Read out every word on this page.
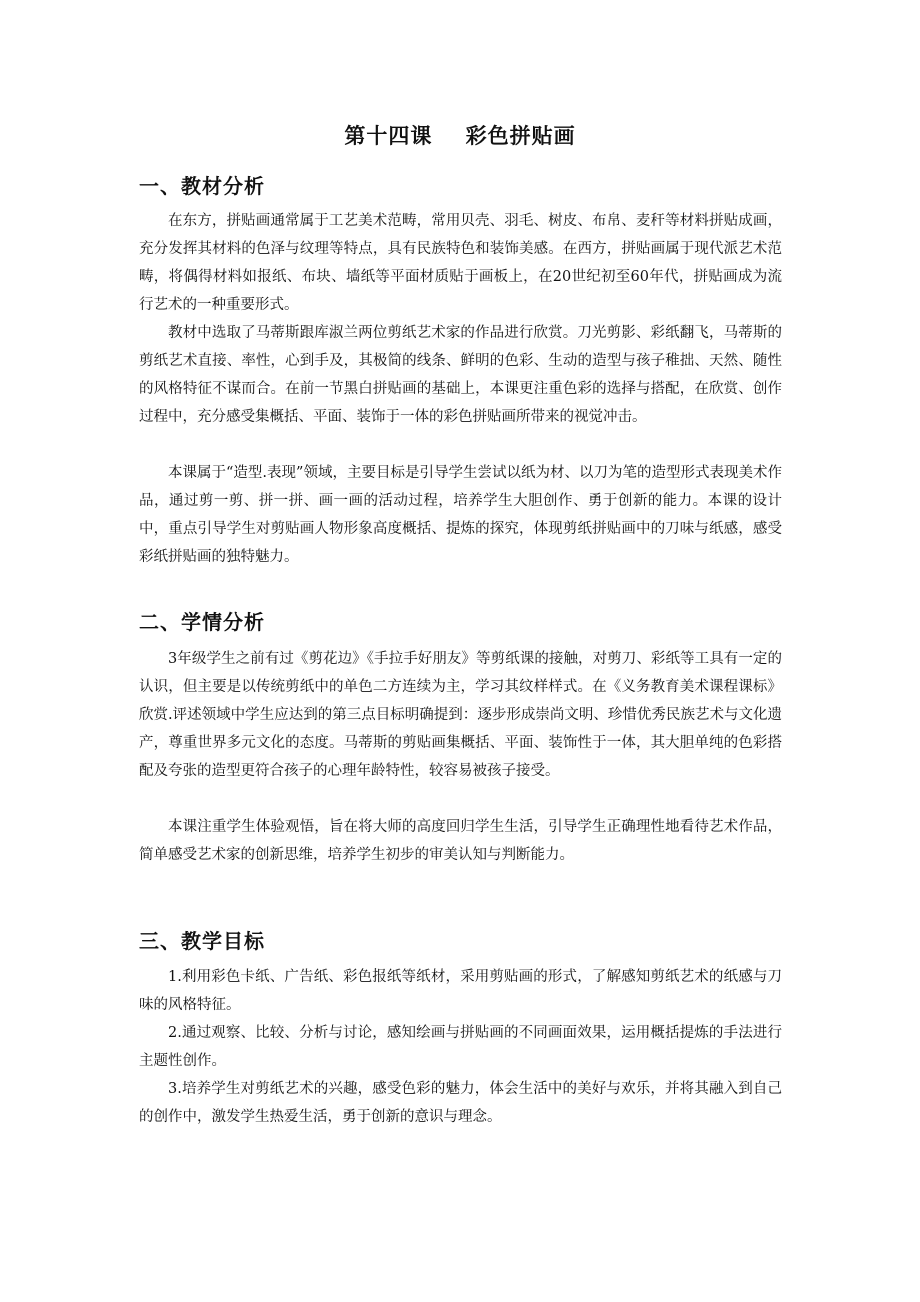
第十四课    彩色拼贴画
一、教材分析

在东方，拼贴画通常属于工艺美术范畴，常用贝壳、羽毛、树皮、布帛、麦秆等材料拼贴成画，充分发挥其材料的色泽与纹理等特点，具有民族特色和装饰美感。在西方，拼贴画属于现代派艺术范畴，将偶得材料如报纸、布块、墙纸等平面材质贴于画板上，在20世纪初至60年代，拼贴画成为流行艺术的一种重要形式。

教材中选取了马蒂斯跟库淑兰两位剪纸艺术家的作品进行欣赏。刀光剪影、彩纸翻飞，马蒂斯的剪纸艺术直接、率性，心到手及，其极简的线条、鲜明的色彩、生动的造型与孩子稚拙、天然、随性的风格特征不谋而合。在前一节黑白拼贴画的基础上，本课更注重色彩的选择与搭配，在欣赏、创作过程中，充分感受集概括、平面、装饰于一体的彩色拼贴画所带来的视觉冲击。

本课属于“造型.表现”领域，主要目标是引导学生尝试以纸为材、以刀为笔的造型形式表现美术作品，通过剪一剪、拼一拼、画一画的活动过程，培养学生大胆创作、勇于创新的能力。本课的设计中，重点引导学生对剪贴画人物形象高度概括、提炼的探究，体现剪纸拼贴画中的刀味与纸感，感受彩纸拼贴画的独特魅力。

二、学情分析

3年级学生之前有过《剪花边》《手拉手好朋友》等剪纸课的接触，对剪刀、彩纸等工具有一定的认识，但主要是以传统剪纸中的单色二方连续为主，学习其纹样样式。在《义务教育美术课程课标》欣赏.评述领域中学生应达到的第三点目标明确提到：逐步形成崇尚文明、珍惜优秀民族艺术与文化遗产，尊重世界多元文化的态度。马蒂斯的剪贴画集概括、平面、装饰性于一体，其大胆单纯的色彩搭配及夸张的造型更符合孩子的心理年龄特性，较容易被孩子接受。

本课注重学生体验观悟，旨在将大师的高度回归学生生活，引导学生正确理性地看待艺术作品，简单感受艺术家的创新思维，培养学生初步的审美认知与判断能力。

三、教学目标

1.利用彩色卡纸、广告纸、彩色报纸等纸材，采用剪贴画的形式，了解感知剪纸艺术的纸感与刀味的风格特征。

2.通过观察、比较、分析与讨论，感知绘画与拼贴画的不同画面效果，运用概括提炼的手法进行主题性创作。

3.培养学生对剪纸艺术的兴趣，感受色彩的魅力，体会生活中的美好与欢乐，并将其融入到自己的创作中，激发学生热爱生活，勇于创新的意识与理念。
